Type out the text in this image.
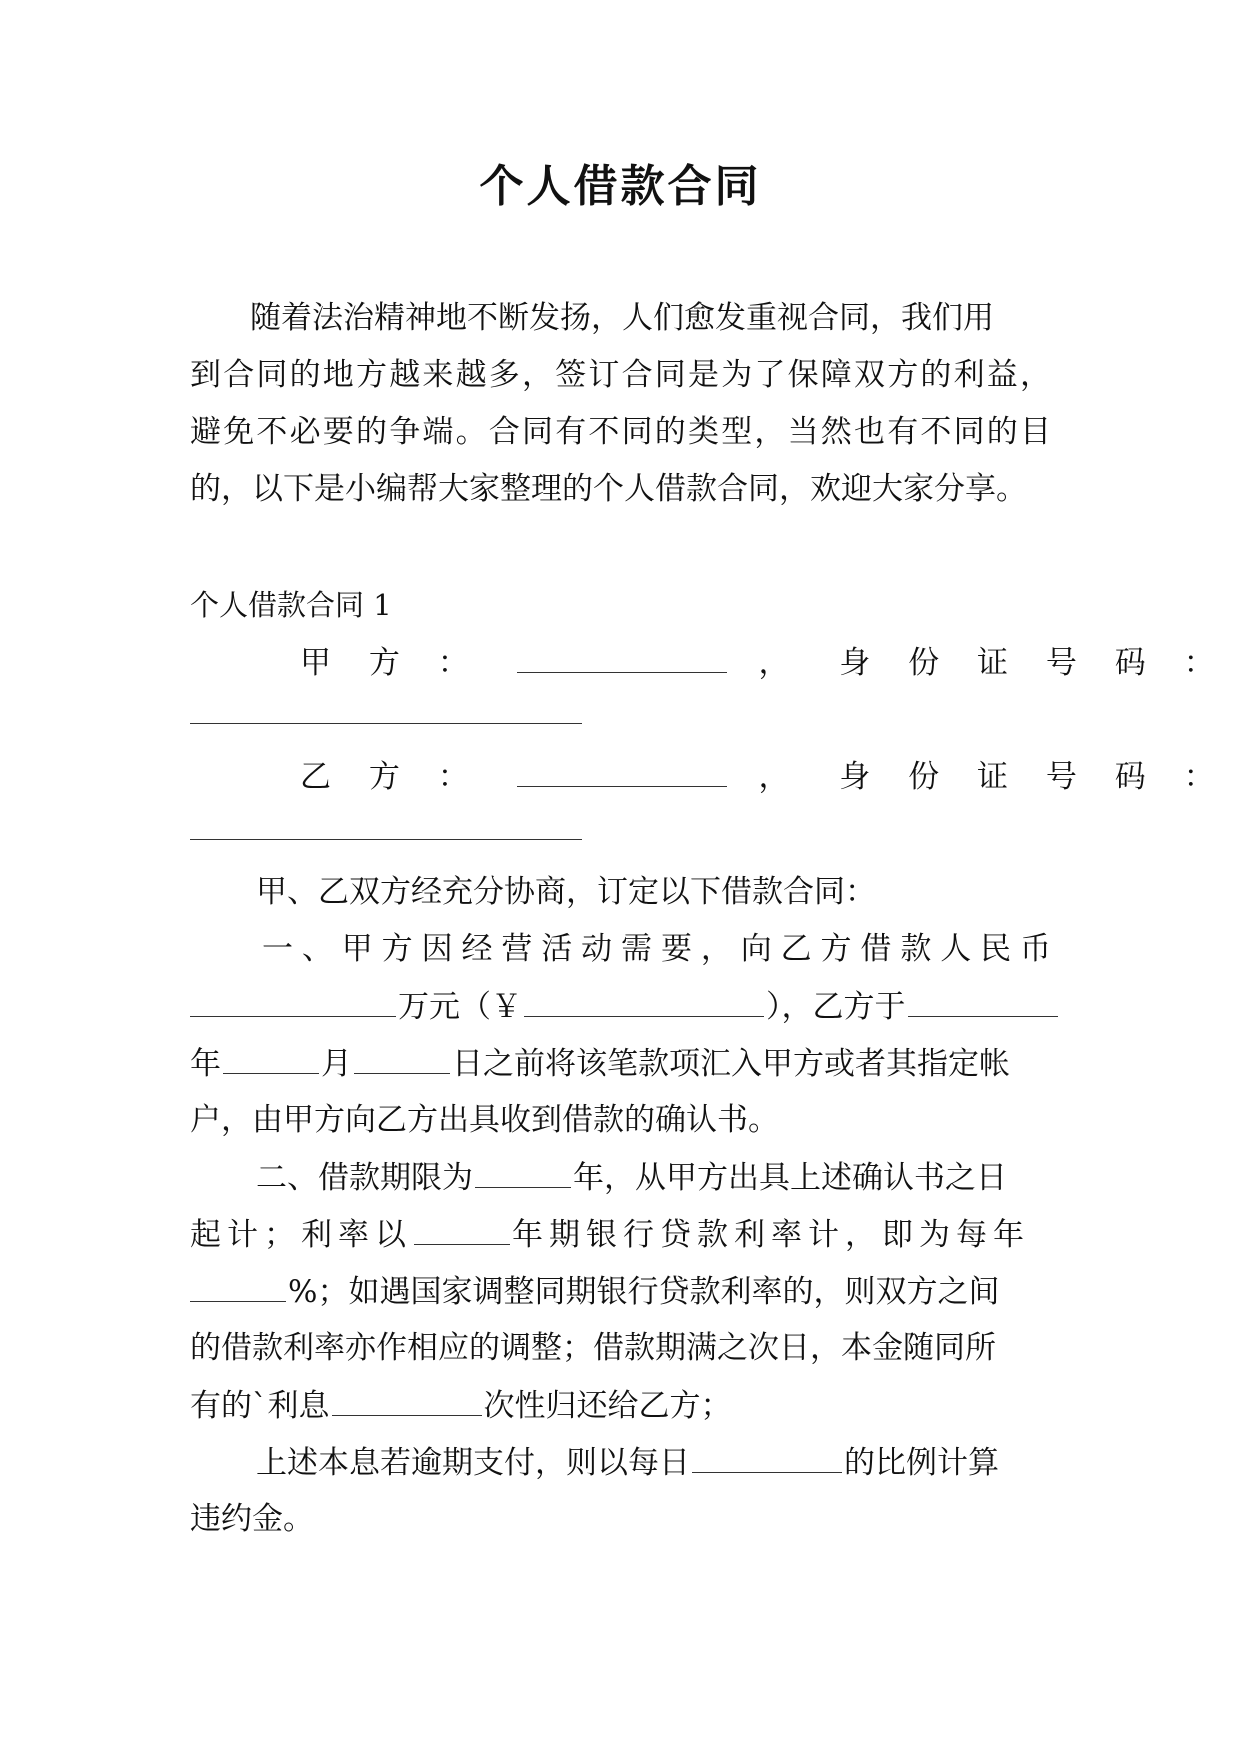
个人借款合同
随着法治精神地不断发扬，人们愈发重视合同，我们用
到合同的地方越来越多，签订合同是为了保障双方的利益，
避免不必要的争端。合同有不同的类型，当然也有不同的目
的，以下是小编帮大家整理的个人借款合同，欢迎大家分享。
个人借款合同 1
甲 方 ：	， 身 份 证 号 码 ：
乙 方 ：	， 身 份 证 号 码 ：
甲、乙双方经充分协商，订定以下借款合同：
一、甲方因经营活动需要，向乙方借款人民币
万元（￥	），乙方于
年	月	日之前将该笔款项汇入甲方或者其指定帐
户，由甲方向乙方出具收到借款的确认书。
二、借款期限为	年，从甲方出具上述确认书之日
起计；利率以	年期银行贷款利率计，即为每年
%；如遇国家调整同期银行贷款利率的，则双方之间
的借款利率亦作相应的调整；借款期满之次日，本金随同所
有的`利息	次性归还给乙方；
上述本息若逾期支付，则以每日	的比例计算
违约金。
